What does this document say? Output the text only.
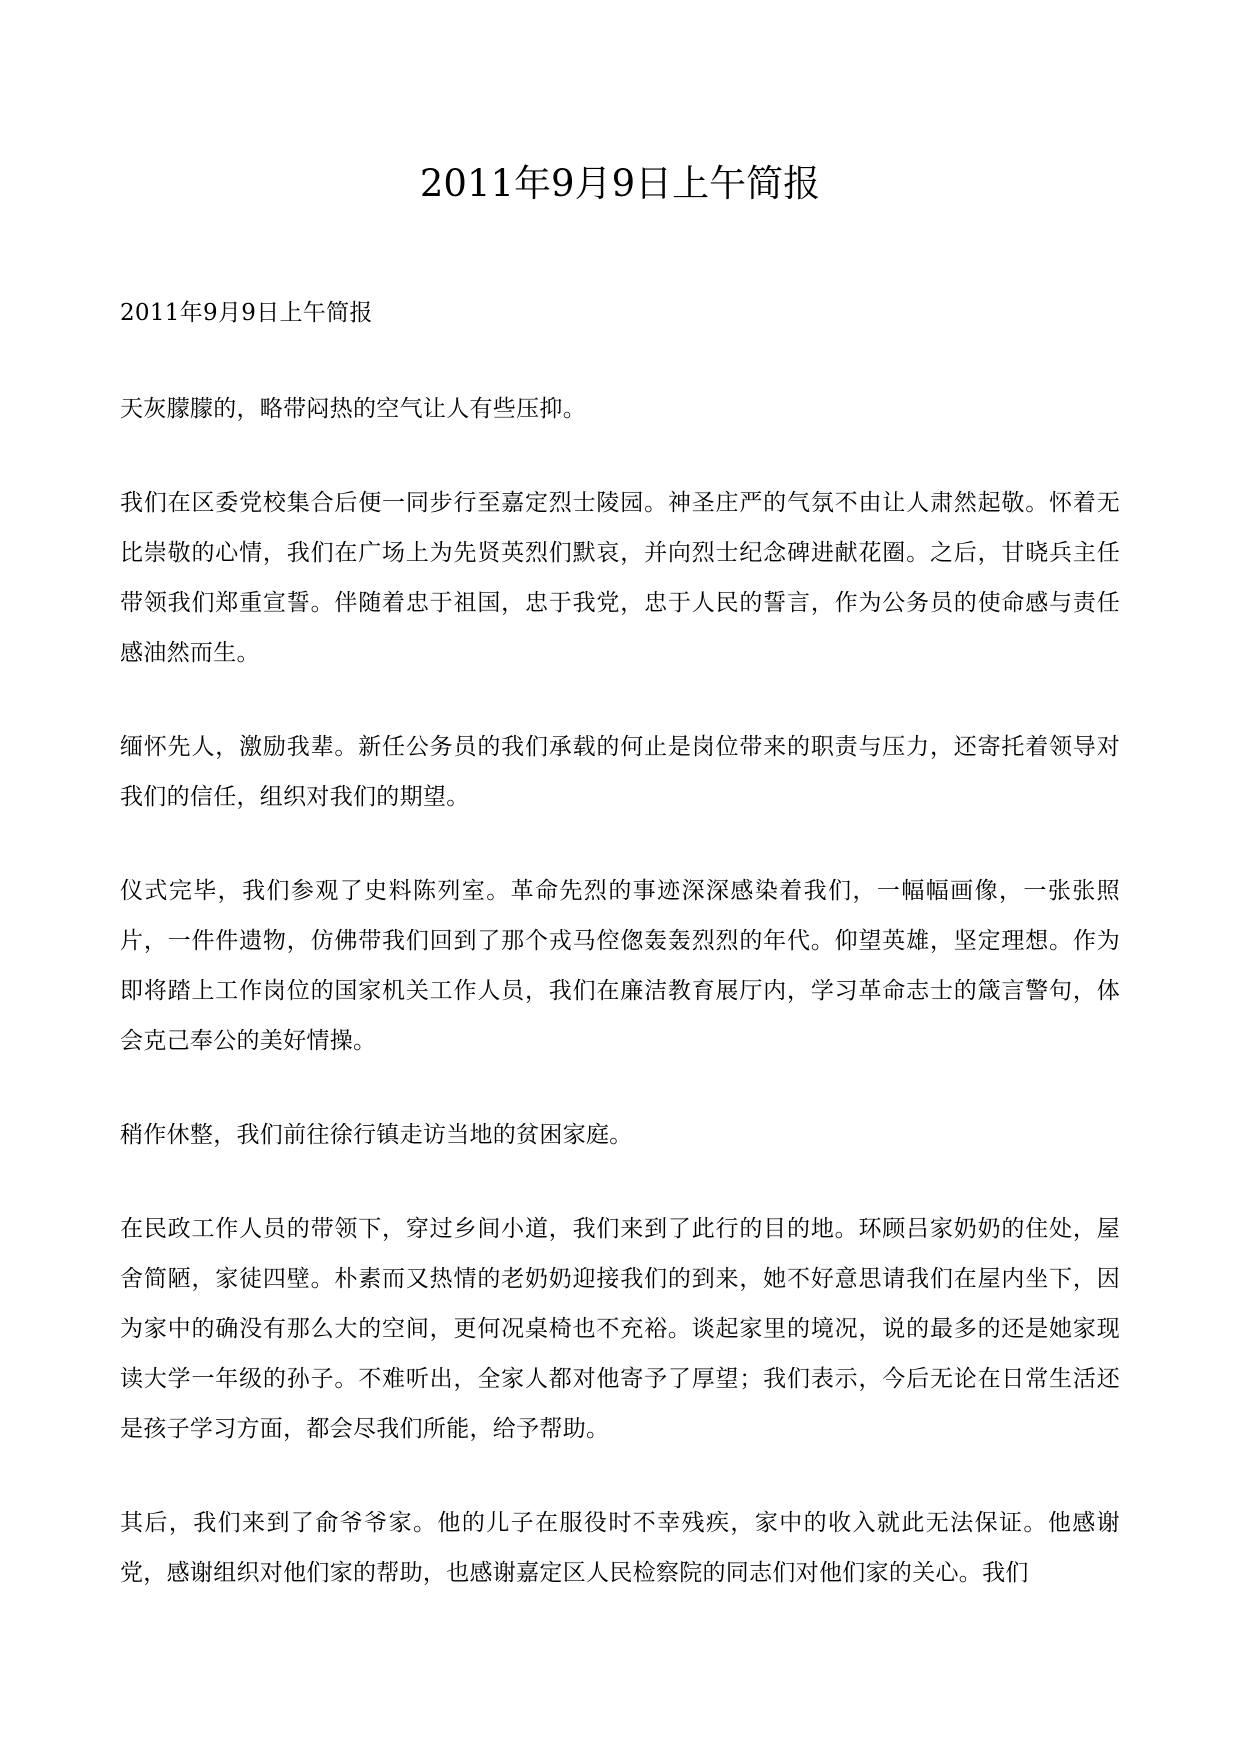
2011年9月9日上午简报

2011年9月9日上午简报

天灰朦朦的，略带闷热的空气让人有些压抑。

我们在区委党校集合后便一同步行至嘉定烈士陵园。神圣庄严的气氛不由让人肃然起敬。怀着无比崇敬的心情，我们在广场上为先贤英烈们默哀，并向烈士纪念碑进献花圈。之后，甘晓兵主任带领我们郑重宣誓。伴随着忠于祖国，忠于我党，忠于人民的誓言，作为公务员的使命感与责任感油然而生。

缅怀先人，激励我辈。新任公务员的我们承载的何止是岗位带来的职责与压力，还寄托着领导对我们的信任，组织对我们的期望。

仪式完毕，我们参观了史料陈列室。革命先烈的事迹深深感染着我们，一幅幅画像，一张张照片，一件件遗物，仿佛带我们回到了那个戎马倥偬轰轰烈烈的年代。仰望英雄，坚定理想。作为即将踏上工作岗位的国家机关工作人员，我们在廉洁教育展厅内，学习革命志士的箴言警句，体会克己奉公的美好情操。

稍作休整，我们前往徐行镇走访当地的贫困家庭。

在民政工作人员的带领下，穿过乡间小道，我们来到了此行的目的地。环顾吕家奶奶的住处，屋舍简陋，家徒四壁。朴素而又热情的老奶奶迎接我们的到来，她不好意思请我们在屋内坐下，因为家中的确没有那么大的空间，更何况桌椅也不充裕。谈起家里的境况，说的最多的还是她家现读大学一年级的孙子。不难听出，全家人都对他寄予了厚望；我们表示，今后无论在日常生活还是孩子学习方面，都会尽我们所能，给予帮助。

其后，我们来到了俞爷爷家。他的儿子在服役时不幸残疾，家中的收入就此无法保证。他感谢党，感谢组织对他们家的帮助，也感谢嘉定区人民检察院的同志们对他们家的关心。我们
